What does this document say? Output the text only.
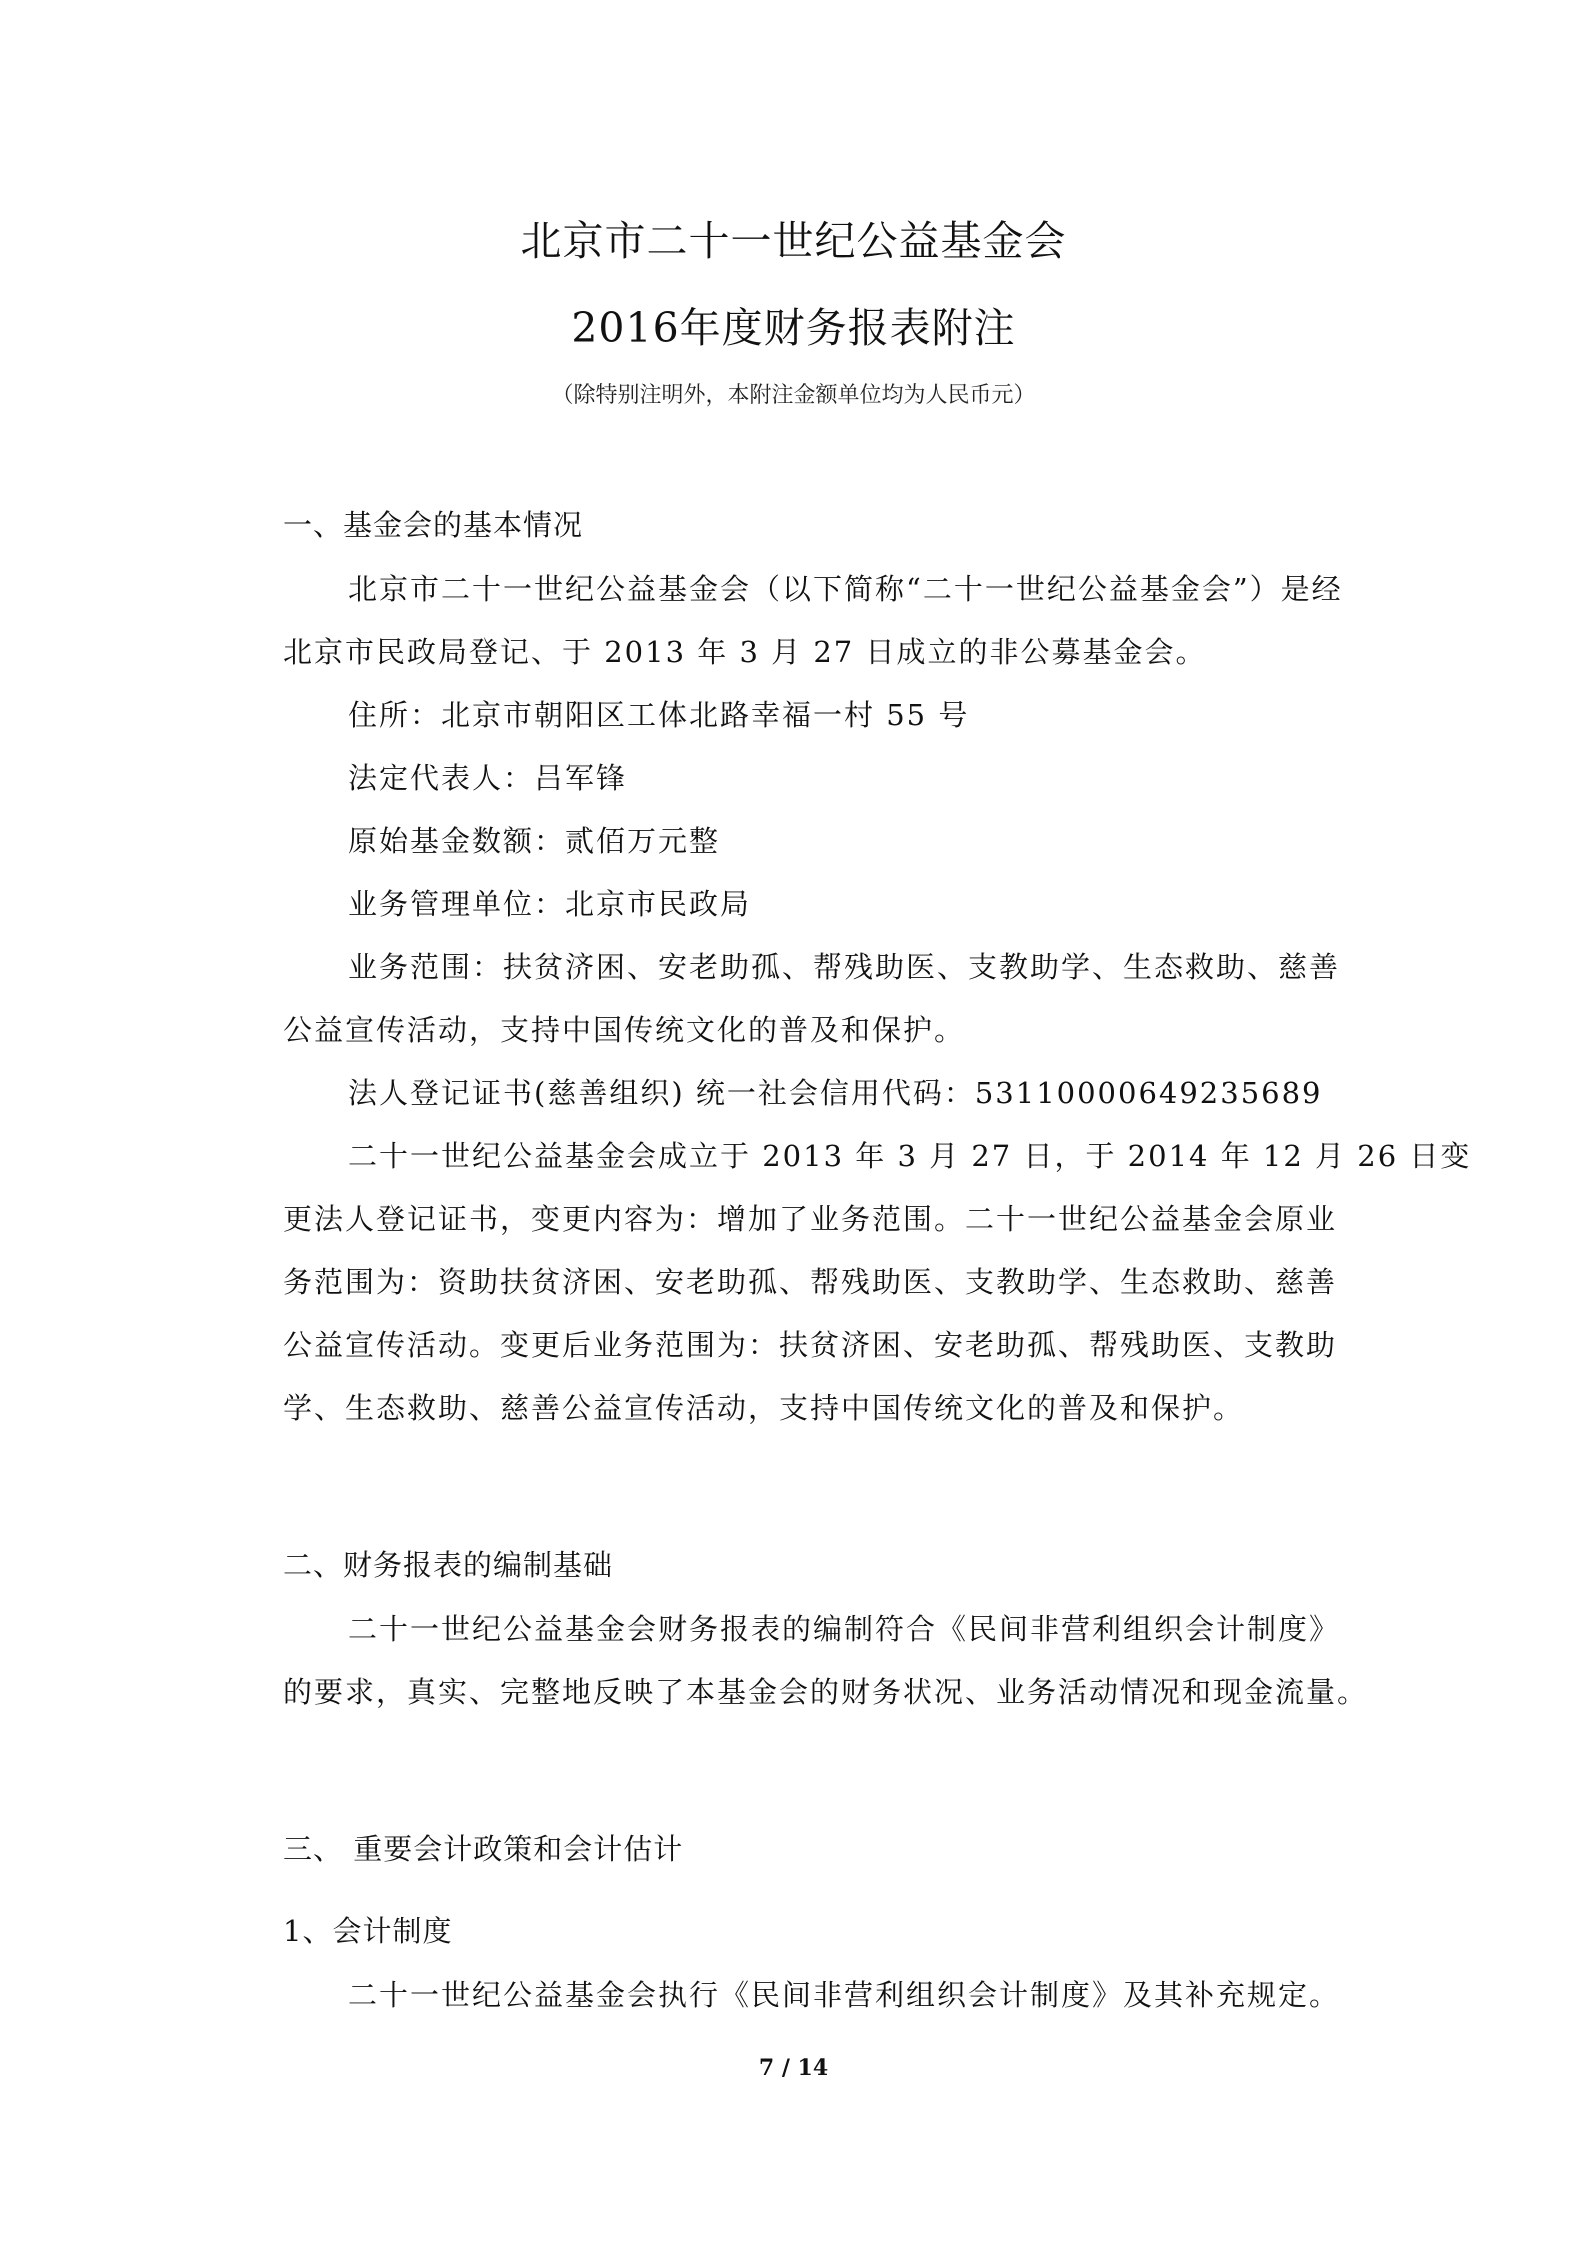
北京市二十一世纪公益基金会
2016年度财务报表附注
（除特别注明外，本附注金额单位均为人民币元）
一、基金会的基本情况
北京市二十一世纪公益基金会（以下简称“二十一世纪公益基金会”）是经
北京市民政局登记、于 2013 年 3 月 27 日成立的非公募基金会。
住所：北京市朝阳区工体北路幸福一村 55 号
法定代表人：吕军锋
原始基金数额：贰佰万元整
业务管理单位：北京市民政局
业务范围：扶贫济困、安老助孤、帮残助医、支教助学、生态救助、慈善
公益宣传活动，支持中国传统文化的普及和保护。
法人登记证书(慈善组织) 统一社会信用代码：53110000649235689
二十一世纪公益基金会成立于 2013 年 3 月 27 日，于 2014 年 12 月 26 日变
更法人登记证书，变更内容为：增加了业务范围。二十一世纪公益基金会原业
务范围为：资助扶贫济困、安老助孤、帮残助医、支教助学、生态救助、慈善
公益宣传活动。变更后业务范围为：扶贫济困、安老助孤、帮残助医、支教助
学、生态救助、慈善公益宣传活动，支持中国传统文化的普及和保护。
二、财务报表的编制基础
二十一世纪公益基金会财务报表的编制符合《民间非营利组织会计制度》
的要求，真实、完整地反映了本基金会的财务状况、业务活动情况和现金流量。
三、 重要会计政策和会计估计
1、会计制度
二十一世纪公益基金会执行《民间非营利组织会计制度》及其补充规定。
7 / 14
